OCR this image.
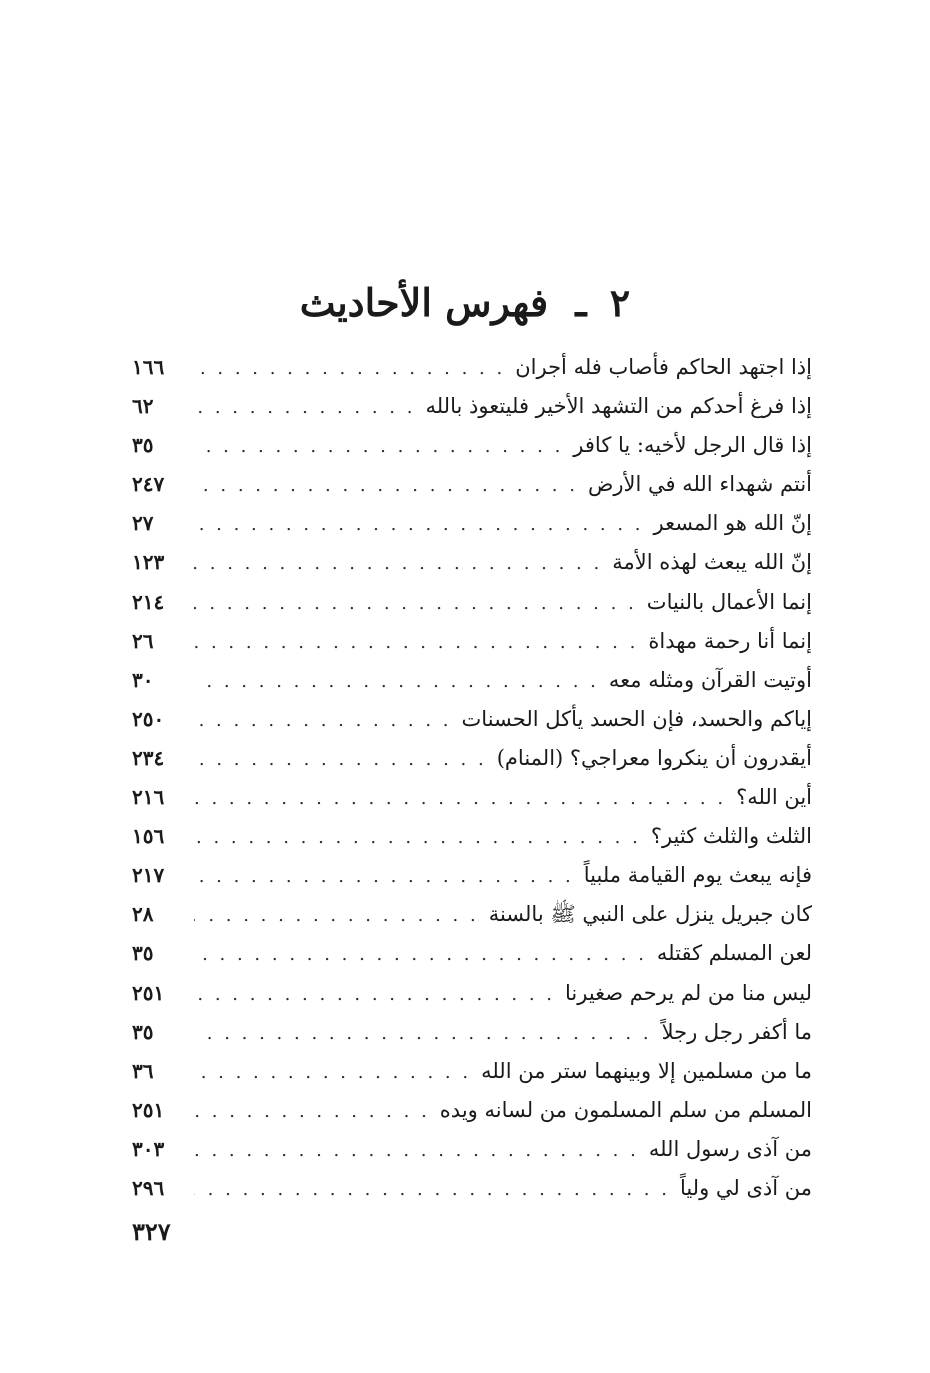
٢ ـ فهرس الأحاديث
إذا اجتهد الحاكم فأصاب فله أجران
. . .
١٦٦
إذا فرغ أحدكم من التشهد الأخير فليتعوذ بالله
. . .
٦٢
إذا قال الرجل لأخيه: يا كافر
. . .
٣٥
أنتم شهداء الله في الأرض
. . .
٢٤٧
إنّ الله هو المسعر
. . .
٢٧
إنّ الله يبعث لهذه الأمة
. . .
١٢٣
إنما الأعمال بالنيات
. . .
٢١٤
إنما أنا رحمة مهداة
. . .
٢٦
أوتيت القرآن ومثله معه
. . .
٣٠
إياكم والحسد، فإن الحسد يأكل الحسنات
. . .
٢٥٠
أيقدرون أن ينكروا معراجي؟ (المنام)
. . .
٢٣٤
أين الله؟
. . .
٢١٦
الثلث والثلث كثير؟
. . .
١٥٦
فإنه يبعث يوم القيامة ملبياً
. . .
٢١٧
كان جبريل ينزل على النبي ﷺ بالسنة
. . .
٢٨
لعن المسلم كقتله
. . .
٣٥
ليس منا من لم يرحم صغيرنا
. . .
٢٥١
ما أكفر رجل رجلاً
. . .
٣٥
ما من مسلمين إلا وبينهما ستر من الله
. . .
٣٦
المسلم من سلم المسلمون من لسانه ويده
. . .
٢٥١
من آذى رسول الله
. . .
٣٠٣
من آذى لي ولياً
. . .
٢٩٦
٣٢٧
